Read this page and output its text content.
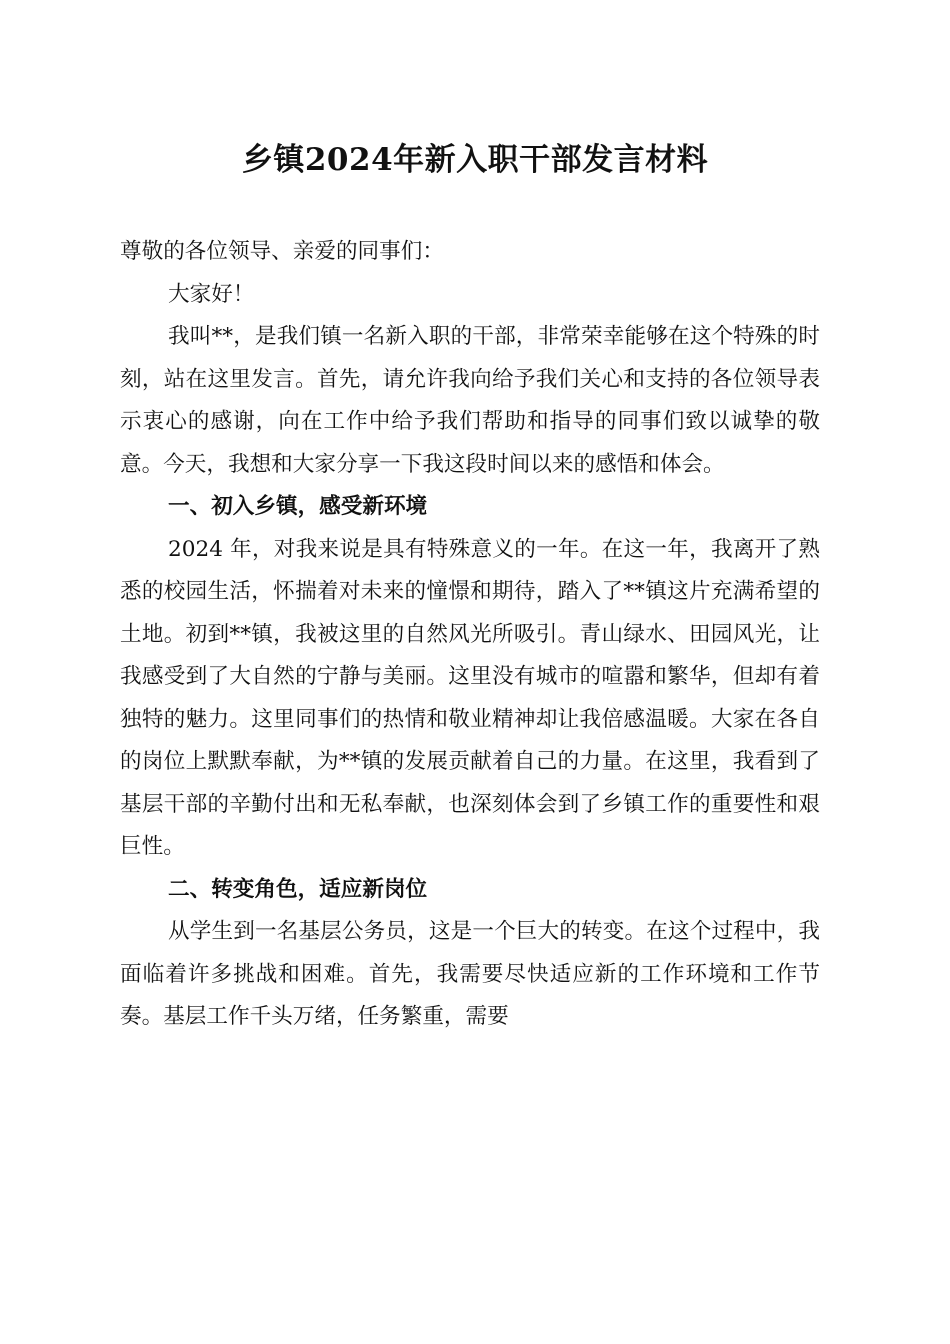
乡镇2024年新入职干部发言材料

尊敬的各位领导、亲爱的同事们：

大家好！

我叫**，是我们镇一名新入职的干部，非常荣幸能够在这个特殊的时刻，站在这里发言。首先，请允许我向给予我们关心和支持的各位领导表示衷心的感谢，向在工作中给予我们帮助和指导的同事们致以诚挚的敬意。今天，我想和大家分享一下我这段时间以来的感悟和体会。

一、初入乡镇，感受新环境

2024 年，对我来说是具有特殊意义的一年。在这一年，我离开了熟悉的校园生活，怀揣着对未来的憧憬和期待，踏入了**镇这片充满希望的土地。初到**镇，我被这里的自然风光所吸引。青山绿水、田园风光，让我感受到了大自然的宁静与美丽。这里没有城市的喧嚣和繁华，但却有着独特的魅力。这里同事们的热情和敬业精神却让我倍感温暖。大家在各自的岗位上默默奉献，为**镇的发展贡献着自己的力量。在这里，我看到了基层干部的辛勤付出和无私奉献，也深刻体会到了乡镇工作的重要性和艰巨性。

二、转变角色，适应新岗位

从学生到一名基层公务员，这是一个巨大的转变。在这个过程中，我面临着许多挑战和困难。首先，我需要尽快适应新的工作环境和工作节奏。基层工作千头万绪，任务繁重，需要
